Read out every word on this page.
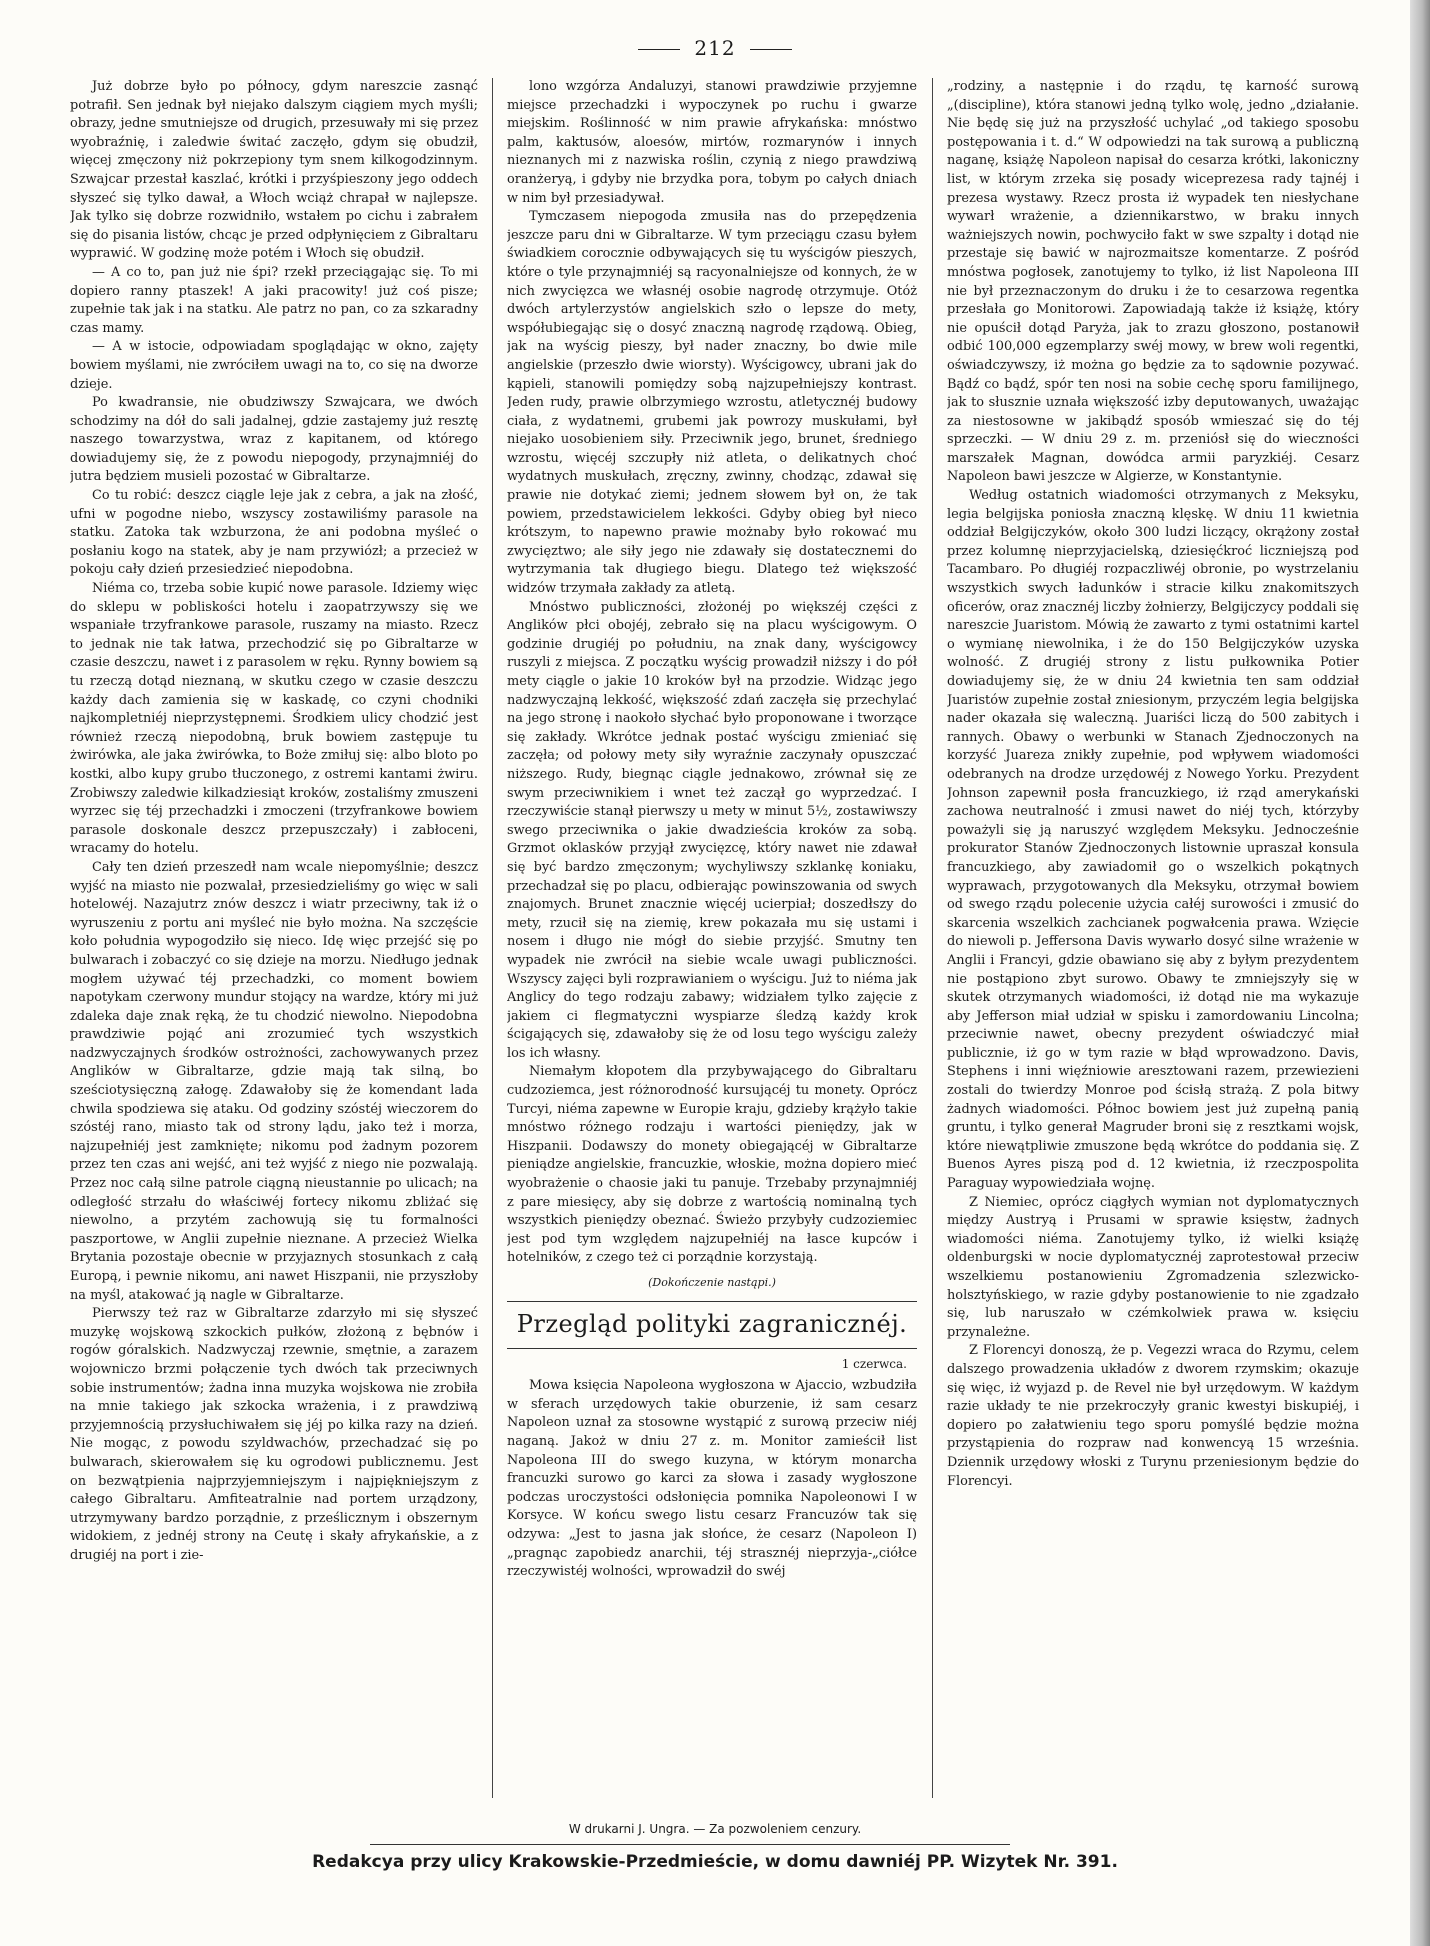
212

Już dobrze było po północy, gdym nareszcie zasnąć potrafił. Sen jednak był niejako dalszym ciągiem mych myśli; obrazy, jedne smutniejsze od drugich, przesuwały mi się przez wyobraźnię, i zaledwie świtać zaczęło, gdym się obudził, więcej zmęczony niż pokrzepiony tym snem kilkogodzinnym. Szwajcar przestał kaszlać, krótki i przyśpieszony jego oddech słyszeć się tylko dawał, a Włoch wciąż chrapał w najlepsze. Jak tylko się dobrze rozwidniło, wstałem po cichu i zabrałem się do pisania listów, chcąc je przed odpłynięciem z Gibraltaru wyprawić. W godzinę może potém i Włoch się obudził.

— A co to, pan już nie śpi? rzekł przeciągając się. To mi dopiero ranny ptaszek! A jaki pracowity! już coś pisze; zupełnie tak jak i na statku. Ale patrz no pan, co za szkaradny czas mamy.

— A w istocie, odpowiadam spoglądając w okno, zajęty bowiem myślami, nie zwróciłem uwagi na to, co się na dworze dzieje.

Po kwadransie, nie obudziwszy Szwajcara, we dwóch schodzimy na dół do sali jadalnej, gdzie zastajemy już resztę naszego towarzystwa, wraz z kapitanem, od którego dowiadujemy się, że z powodu niepogody, przynajmniéj do jutra będziem musieli pozostać w Gibraltarze.

Co tu robić: deszcz ciągle leje jak z cebra, a jak na złość, ufni w pogodne niebo, wszyscy zostawiliśmy parasole na statku. Zatoka tak wzburzona, że ani podobna myśleć o posłaniu kogo na statek, aby je nam przywiózł; a przecież w pokoju cały dzień przesiedzieć niepodobna.

Niéma co, trzeba sobie kupić nowe parasole. Idziemy więc do sklepu w pobliskości hotelu i zaopatrzywszy się we wspaniałe trzyfrankowe parasole, ruszamy na miasto. Rzecz to jednak nie tak łatwa, przechodzić się po Gibraltarze w czasie deszczu, nawet i z parasolem w ręku. Rynny bowiem są tu rzeczą dotąd nieznaną, w skutku czego w czasie deszczu każdy dach zamienia się w kaskadę, co czyni chodniki najkompletniéj nieprzystępnemi. Środkiem ulicy chodzić jest również rzeczą niepodobną, bruk bowiem zastępuje tu żwirówka, ale jaka żwirówka, to Boże zmiłuj się: albo bloto po kostki, albo kupy grubo tłuczonego, z ostremi kantami żwiru. Zrobiwszy zaledwie kilkadziesiąt kroków, zostaliśmy zmuszeni wyrzec się téj przechadzki i zmoczeni (trzyfrankowe bowiem parasole doskonale deszcz przepuszczały) i zabłoceni, wracamy do hotelu.

Cały ten dzień przeszedł nam wcale niepomyślnie; deszcz wyjść na miasto nie pozwalał, przesiedzieliśmy go więc w sali hotelowéj. Nazajutrz znów deszcz i wiatr przeciwny, tak iż o wyruszeniu z portu ani myśleć nie było można. Na szczęście koło południa wypogodziło się nieco. Idę więc przejść się po bulwarach i zobaczyć co się dzieje na morzu. Niedługo jednak mogłem używać téj przechadzki, co moment bowiem napotykam czerwony mundur stojący na wardze, który mi już zdaleka daje znak ręką, że tu chodzić niewolno. Niepodobna prawdziwie pojąć ani zrozumieć tych wszystkich nadzwyczajnych środków ostrożności, zachowywanych przez Anglików w Gibraltarze, gdzie mają tak silną, bo sześciotysięczną załogę. Zdawałoby się że komendant lada chwila spodziewa się ataku. Od godziny szóstéj wieczorem do szóstéj rano, miasto tak od strony lądu, jako też i morza, najzupełniéj jest zamknięte; nikomu pod żadnym pozorem przez ten czas ani wejść, ani też wyjść z niego nie pozwalają. Przez noc całą silne patrole ciągną nieustannie po ulicach; na odległość strzału do właściwéj fortecy nikomu zbliżać się niewolno, a przytém zachowują się tu formalności paszportowe, w Anglii zupełnie nieznane. A przecież Wielka Brytania pozostaje obecnie w przyjaznych stosunkach z całą Europą, i pewnie nikomu, ani nawet Hiszpanii, nie przyszłoby na myśl, atakować ją nagle w Gibraltarze.

Pierwszy też raz w Gibraltarze zdarzyło mi się słyszeć muzykę wojskową szkockich pułków, złożoną z bębnów i rogów góralskich. Nadzwyczaj rzewnie, smętnie, a zarazem wojowniczo brzmi połączenie tych dwóch tak przeciwnych sobie instrumentów; żadna inna muzyka wojskowa nie zrobiła na mnie takiego jak szkocka wrażenia, i z prawdziwą przyjemnością przysłuchiwałem się jéj po kilka razy na dzień. Nie mogąc, z powodu szyldwachów, przechadzać się po bulwarach, skierowałem się ku ogrodowi publicznemu. Jest on bezwątpienia najprzyjemniejszym i najpiękniejszym z całego Gibraltaru. Amfiteatralnie nad portem urządzony, utrzymywany bardzo porządnie, z prześlicznym i obszernym widokiem, z jednéj strony na Ceutę i skały afrykańskie, a z drugiéj na port i zie-

lono wzgórza Andaluzyi, stanowi prawdziwie przyjemne miejsce przechadzki i wypoczynek po ruchu i gwarze miejskim. Roślinność w nim prawie afrykańska: mnóstwo palm, kaktusów, aloesów, mirtów, rozmarynów i innych nieznanych mi z nazwiska roślin, czynią z niego prawdziwą oranżeryą, i gdyby nie brzydka pora, tobym po całych dniach w nim był przesiadywał.

Tymczasem niepogoda zmusiła nas do przepędzenia jeszcze paru dni w Gibraltarze. W tym przeciągu czasu byłem świadkiem corocznie odbywających się tu wyścigów pieszych, które o tyle przynajmniéj są racyonalniejsze od konnych, że w nich zwycięzca we własnéj osobie nagrodę otrzymuje. Otóż dwóch artylerzystów angielskich szło o lepsze do mety, współubiegając się o dosyć znaczną nagrodę rządową. Obieg, jak na wyścig pieszy, był nader znaczny, bo dwie mile angielskie (przeszło dwie wiorsty). Wyścigowcy, ubrani jak do kąpieli, stanowili pomiędzy sobą najzupełniejszy kontrast. Jeden rudy, prawie olbrzymiego wzrostu, atletycznéj budowy ciała, z wydatnemi, grubemi jak powrozy muskułami, był niejako uosobieniem siły. Przeciwnik jego, brunet, średniego wzrostu, więcéj szczupły niż atleta, o delikatnych choć wydatnych muskułach, zręczny, zwinny, chodząc, zdawał się prawie nie dotykać ziemi; jednem słowem był on, że tak powiem, przedstawicielem lekkości. Gdyby obieg był nieco krótszym, to napewno prawie możnaby było rokować mu zwycięztwo; ale siły jego nie zdawały się dostatecznemi do wytrzymania tak długiego biegu. Dlatego też większość widzów trzymała zakłady za atletą.

Mnóstwo publiczności, złożonéj po większéj części z Anglików płci obojéj, zebrało się na placu wyścigowym. O godzinie drugiéj po południu, na znak dany, wyścigowcy ruszyli z miejsca. Z początku wyścig prowadził niższy i do pół mety ciągle o jakie 10 kroków był na przodzie. Widząc jego nadzwyczajną lekkość, większość zdań zaczęła się przechylać na jego stronę i naokoło słychać było proponowane i tworzące się zakłady. Wkrótce jednak postać wyścigu zmieniać się zaczęła; od połowy mety siły wyraźnie zaczynały opuszczać niższego. Rudy, biegnąc ciągle jednakowo, zrównał się ze swym przeciwnikiem i wnet też zaczął go wyprzedzać. I rzeczywiście stanął pierwszy u mety w minut 5½, zostawiwszy swego przeciwnika o jakie dwadzieścia kroków za sobą. Grzmot oklasków przyjął zwycięzcę, który nawet nie zdawał się być bardzo zmęczonym; wychyliwszy szklankę koniaku, przechadzał się po placu, odbierając powinszowania od swych znajomych. Brunet znacznie więcéj ucierpiał; doszedłszy do mety, rzucił się na ziemię, krew pokazała mu się ustami i nosem i długo nie mógł do siebie przyjść. Smutny ten wypadek nie zwrócił na siebie wcale uwagi publiczności. Wszyscy zajęci byli rozprawianiem o wyścigu. Już to niéma jak Anglicy do tego rodzaju zabawy; widziałem tylko zajęcie z jakiem ci flegmatyczni wyspiarze śledzą każdy krok ścigających się, zdawałoby się że od losu tego wyścigu zależy los ich własny.

Niemałym kłopotem dla przybywającego do Gibraltaru cudzoziemca, jest różnorodność kursującéj tu monety. Oprócz Turcyi, niéma zapewne w Europie kraju, gdzieby krążyło takie mnóstwo różnego rodzaju i wartości pieniędzy, jak w Hiszpanii. Dodawszy do monety obiegającéj w Gibraltarze pieniądze angielskie, francuzkie, włoskie, można dopiero mieć wyobrażenie o chaosie jaki tu panuje. Trzebaby przynajmniéj z pare miesięcy, aby się dobrze z wartością nominalną tych wszystkich pieniędzy obeznać. Świeżo przybyły cudzoziemiec jest pod tym względem najzupełniéj na łasce kupców i hotelników, z czego też ci porządnie korzystają.

(Dokończenie nastąpi.)
Przegląd polityki zagranicznéj.
1 czerwca.

Mowa księcia Napoleona wygłoszona w Ajaccio, wzbudziła w sferach urzędowych takie oburzenie, iż sam cesarz Napoleon uznał za stosowne wystąpić z surową przeciw niéj naganą. Jakoż w dniu 27 z. m. Monitor zamieścił list Napoleona III do swego kuzyna, w którym monarcha francuzki surowo go karci za słowa i zasady wygłoszone podczas uroczystości odsłonięcia pomnika Napoleonowi I w Korsyce. W końcu swego listu cesarz Francuzów tak się odzywa: „Jest to jasna jak słońce, że cesarz (Napoleon I) „pragnąc zapobiedz anarchii, téj strasznéj nieprzyja-„ciółce rzeczywistéj wolności, wprowadził do swéj

„rodziny, a następnie i do rządu, tę karność surową „(discipline), która stanowi jedną tylko wolę, jedno „działanie. Nie będę się już na przyszłość uchylać „od takiego sposobu postępowania i t. d.“ W odpowiedzi na tak surową a publiczną naganę, książę Napoleon napisał do cesarza krótki, lakoniczny list, w którym zrzeka się posady wiceprezesa rady tajnéj i prezesa wystawy. Rzecz prosta iż wypadek ten niesłychane wywarł wrażenie, a dziennikarstwo, w braku innych ważniejszych nowin, pochwyciło fakt w swe szpalty i dotąd nie przestaje się bawić w najrozmaitsze komentarze. Z pośród mnóstwa pogłosek, zanotujemy to tylko, iż list Napoleona III nie był przeznaczonym do druku i że to cesarzowa regentka przesłała go Monitorowi. Zapowiadają także iż książę, który nie opuścił dotąd Paryża, jak to zrazu głoszono, postanowił odbić 100,000 egzemplarzy swéj mowy, w brew woli regentki, oświadczywszy, iż można go będzie za to sądownie pozywać. Bądź co bądź, spór ten nosi na sobie cechę sporu familijnego, jak to słusznie uznała większość izby deputowanych, uważając za niestosowne w jakibądź sposób wmieszać się do téj sprzeczki. — W dniu 29 z. m. przeniósł się do wieczności marszałek Magnan, dowódca armii paryzkiéj. Cesarz Napoleon bawi jeszcze w Algierze, w Konstantynie.

Według ostatnich wiadomości otrzymanych z Meksyku, legia belgijska poniosła znaczną klęskę. W dniu 11 kwietnia oddział Belgijczyków, około 300 ludzi liczący, okrążony został przez kolumnę nieprzyjacielską, dziesięćkroć liczniejszą pod Tacambaro. Po długiéj rozpaczliwéj obronie, po wystrzelaniu wszystkich swych ładunków i stracie kilku znakomitszych oficerów, oraz znacznéj liczby żołnierzy, Belgijczycy poddali się nareszcie Juaristom. Mówią że zawarto z tymi ostatnimi kartel o wymianę niewolnika, i że do 150 Belgijczyków uzyska wolność. Z drugiéj strony z listu pułkownika Potier dowiadujemy się, że w dniu 24 kwietnia ten sam oddział Juaristów zupełnie został zniesionym, przyczém legia belgijska nader okazała się waleczną. Juariści liczą do 500 zabitych i rannych. Obawy o werbunki w Stanach Zjednoczonych na korzyść Juareza znikły zupełnie, pod wpływem wiadomości odebranych na drodze urzędowéj z Nowego Yorku. Prezydent Johnson zapewnił posła francuzkiego, iż rząd amerykański zachowa neutralność i zmusi nawet do niéj tych, którzyby poważyli się ją naruszyć względem Meksyku. Jednocześnie prokurator Stanów Zjednoczonych listownie upraszał konsula francuzkiego, aby zawiadomił go o wszelkich pokątnych wyprawach, przygotowanych dla Meksyku, otrzymał bowiem od swego rządu polecenie użycia całéj surowości i zmusić do skarcenia wszelkich zachcianek pogwałcenia prawa. Wzięcie do niewoli p. Jeffersona Davis wywarło dosyć silne wrażenie w Anglii i Francyi, gdzie obawiano się aby z byłym prezydentem nie postąpiono zbyt surowo. Obawy te zmniejszyły się w skutek otrzymanych wiadomości, iż dotąd nie ma wykazuje aby Jefferson miał udział w spisku i zamordowaniu Lincolna; przeciwnie nawet, obecny prezydent oświadczyć miał publicznie, iż go w tym razie w błąd wprowadzono. Davis, Stephens i inni więźniowie aresztowani razem, przewiezieni zostali do twierdzy Monroe pod ścisłą strażą. Z pola bitwy żadnych wiadomości. Północ bowiem jest już zupełną panią gruntu, i tylko generał Magruder broni się z resztkami wojsk, które niewątpliwie zmuszone będą wkrótce do poddania się. Z Buenos Ayres piszą pod d. 12 kwietnia, iż rzeczpospolita Paraguay wypowiedziała wojnę.

Z Niemiec, oprócz ciągłych wymian not dyplomatycznych między Austryą i Prusami w sprawie księstw, żadnych wiadomości niéma. Zanotujemy tylko, iż wielki książę oldenburgski w nocie dyplomatycznéj zaprotestował przeciw wszelkiemu postanowieniu Zgromadzenia szlezwicko-holsztyńskiego, w razie gdyby postanowienie to nie zgadzało się, lub naruszało w czémkolwiek prawa w. księciu przynależne.

Z Florencyi donoszą, że p. Vegezzi wraca do Rzymu, celem dalszego prowadzenia układów z dworem rzymskim; okazuje się więc, iż wyjazd p. de Revel nie był urzędowym. W każdym razie układy te nie przekroczyły granic kwestyi biskupiéj, i dopiero po załatwieniu tego sporu pomyślé będzie można przystąpienia do rozpraw nad konwencyą 15 września. Dziennik urzędowy włoski z Turynu przeniesionym będzie do Florencyi.

W drukarni J. Ungra. — Za pozwoleniem cenzury.
Redakcya przy ulicy Krakowskie-Przedmieście, w domu dawniéj PP. Wizytek Nr. 391.
